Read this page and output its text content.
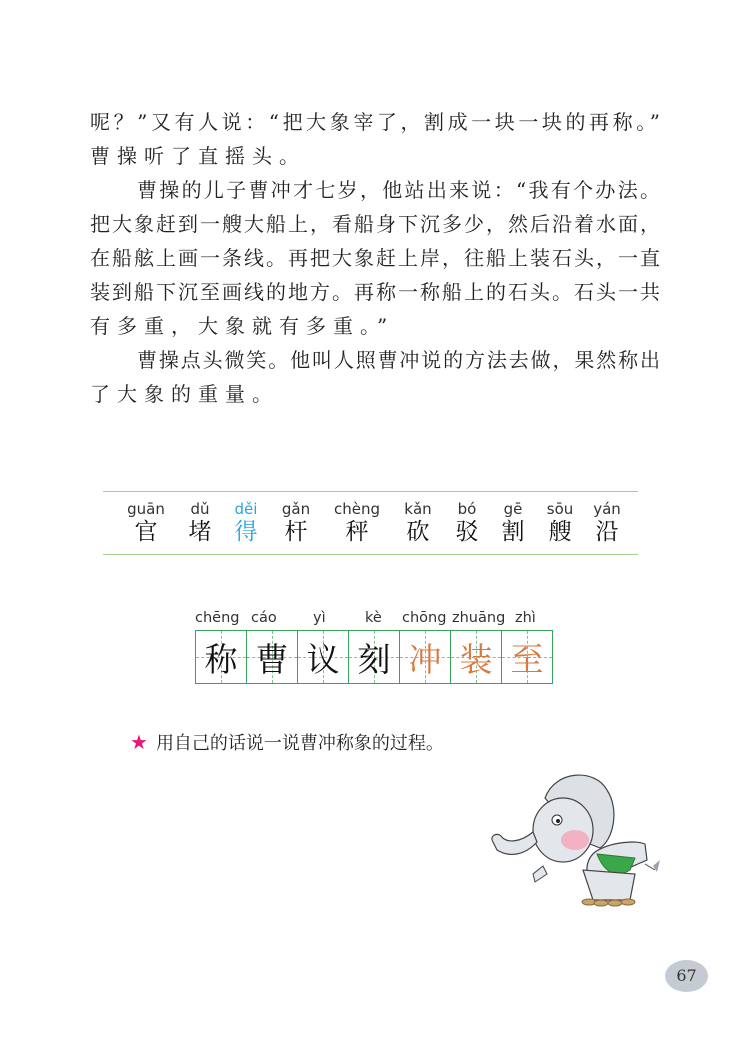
呢？”又有人说：“把大象宰了，割成一块一块的再称。”
曹操听了直摇头。
曹操的儿子曹冲才七岁，他站出来说：“我有个办法。
把大象赶到一艘大船上，看船身下沉多少，然后沿着水面，
在船舷上画一条线。再把大象赶上岸，往船上装石头，一直
装到船下沉至画线的地方。再称一称船上的石头。石头一共
有多重，大象就有多重。”
曹操点头微笑。他叫人照曹冲说的方法去做，果然称出
了大象的重量。
guān
官
dǔ
堵
děi
得
gǎn
杆
chèng
秤
kǎn
砍
bó
驳
gē
割
sōu
艘
yán
沿
chēng cáo	yì	kè chōng zhuāng zhì
称 曹 议 刻 冲 装 至
★ 用自己的话说一说曹冲称象的过程。
67
